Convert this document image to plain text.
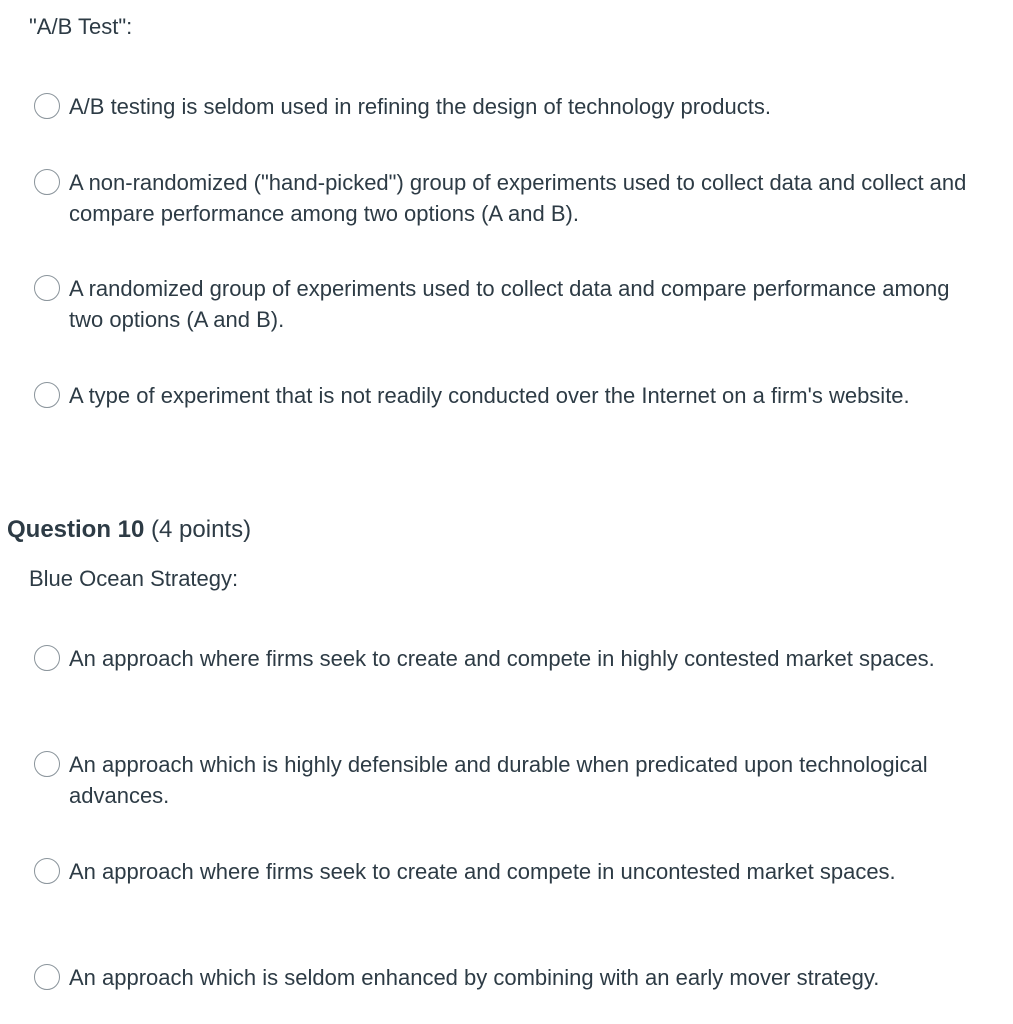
"A/B Test":
A/B testing is seldom used in refining the design of technology products.
A non-randomized ("hand-picked") group of experiments used to collect data and collect and compare performance among two options (A and B).
A randomized group of experiments used to collect data and compare performance among two options (A and B).
A type of experiment that is not readily conducted over the Internet on a firm's website.
Question 10 (4 points)
Blue Ocean Strategy:
An approach where firms seek to create and compete in highly contested market spaces.
An approach which is highly defensible and durable when predicated upon technological advances.
An approach where firms seek to create and compete in uncontested market spaces.
An approach which is seldom enhanced by combining with an early mover strategy.
